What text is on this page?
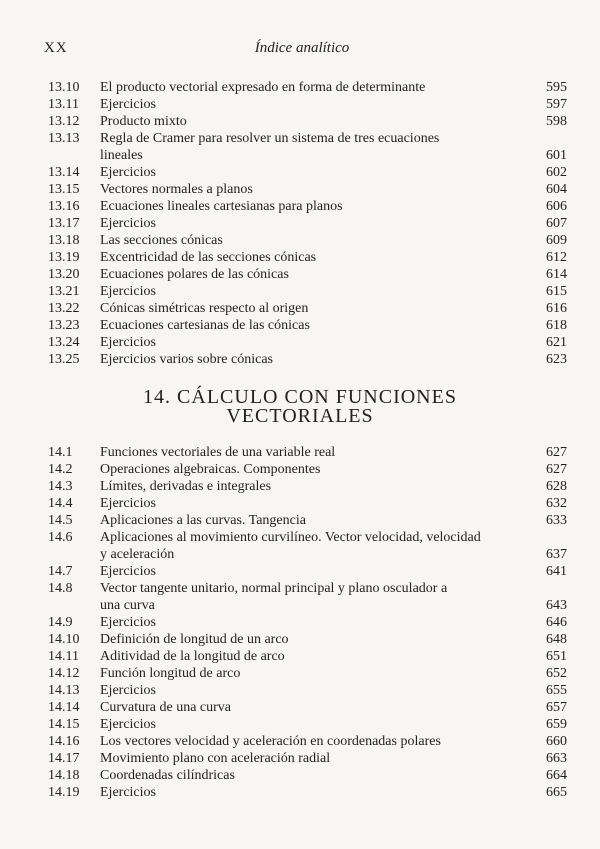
XX	Índice analítico
13.10 El producto vectorial expresado en forma de determinante	595
13.11 Ejercicios	597
13.12 Producto mixto	598
13.13 Regla de Cramer para resolver un sistema de tres ecuaciones
lineales	601
13.14 Ejercicios	602
13.15 Vectores normales a planos	604
13.16 Ecuaciones lineales cartesianas para planos	606
13.17 Ejercicios	607
13.18 Las secciones cónicas	609
13.19 Excentricidad de las secciones cónicas	612
13.20 Ecuaciones polares de las cónicas	614
13.21 Ejercicios	615
13.22 Cónicas simétricas respecto al origen	616
13.23 Ecuaciones cartesianas de las cónicas	618
13.24 Ejercicios	621
13.25 Ejercicios varios sobre cónicas	623
14. CÁLCULO CON FUNCIONES
VECTORIALES
14.1 Funciones vectoriales de una variable real	627
14.2 Operaciones algebraicas. Componentes	627
14.3 Límites, derivadas e integrales	628
14.4 Ejercicios	632
14.5 Aplicaciones a las curvas. Tangencia	633
14.6 Aplicaciones al movimiento curvilíneo. Vector velocidad, velocidad
y aceleración	637
14.7 Ejercicios	641
14.8 Vector tangente unitario, normal principal y plano osculador a
una curva	643
14.9 Ejercicios	646
14.10 Definición de longitud de un arco	648
14.11 Aditividad de la longitud de arco	651
14.12 Función longitud de arco	652
14.13 Ejercicios	655
14.14 Curvatura de una curva	657
14.15 Ejercicios	659
14.16 Los vectores velocidad y aceleración en coordenadas polares	660
14.17 Movimiento plano con aceleración radial	663
14.18 Coordenadas cilíndricas	664
14.19 Ejercicios	665
